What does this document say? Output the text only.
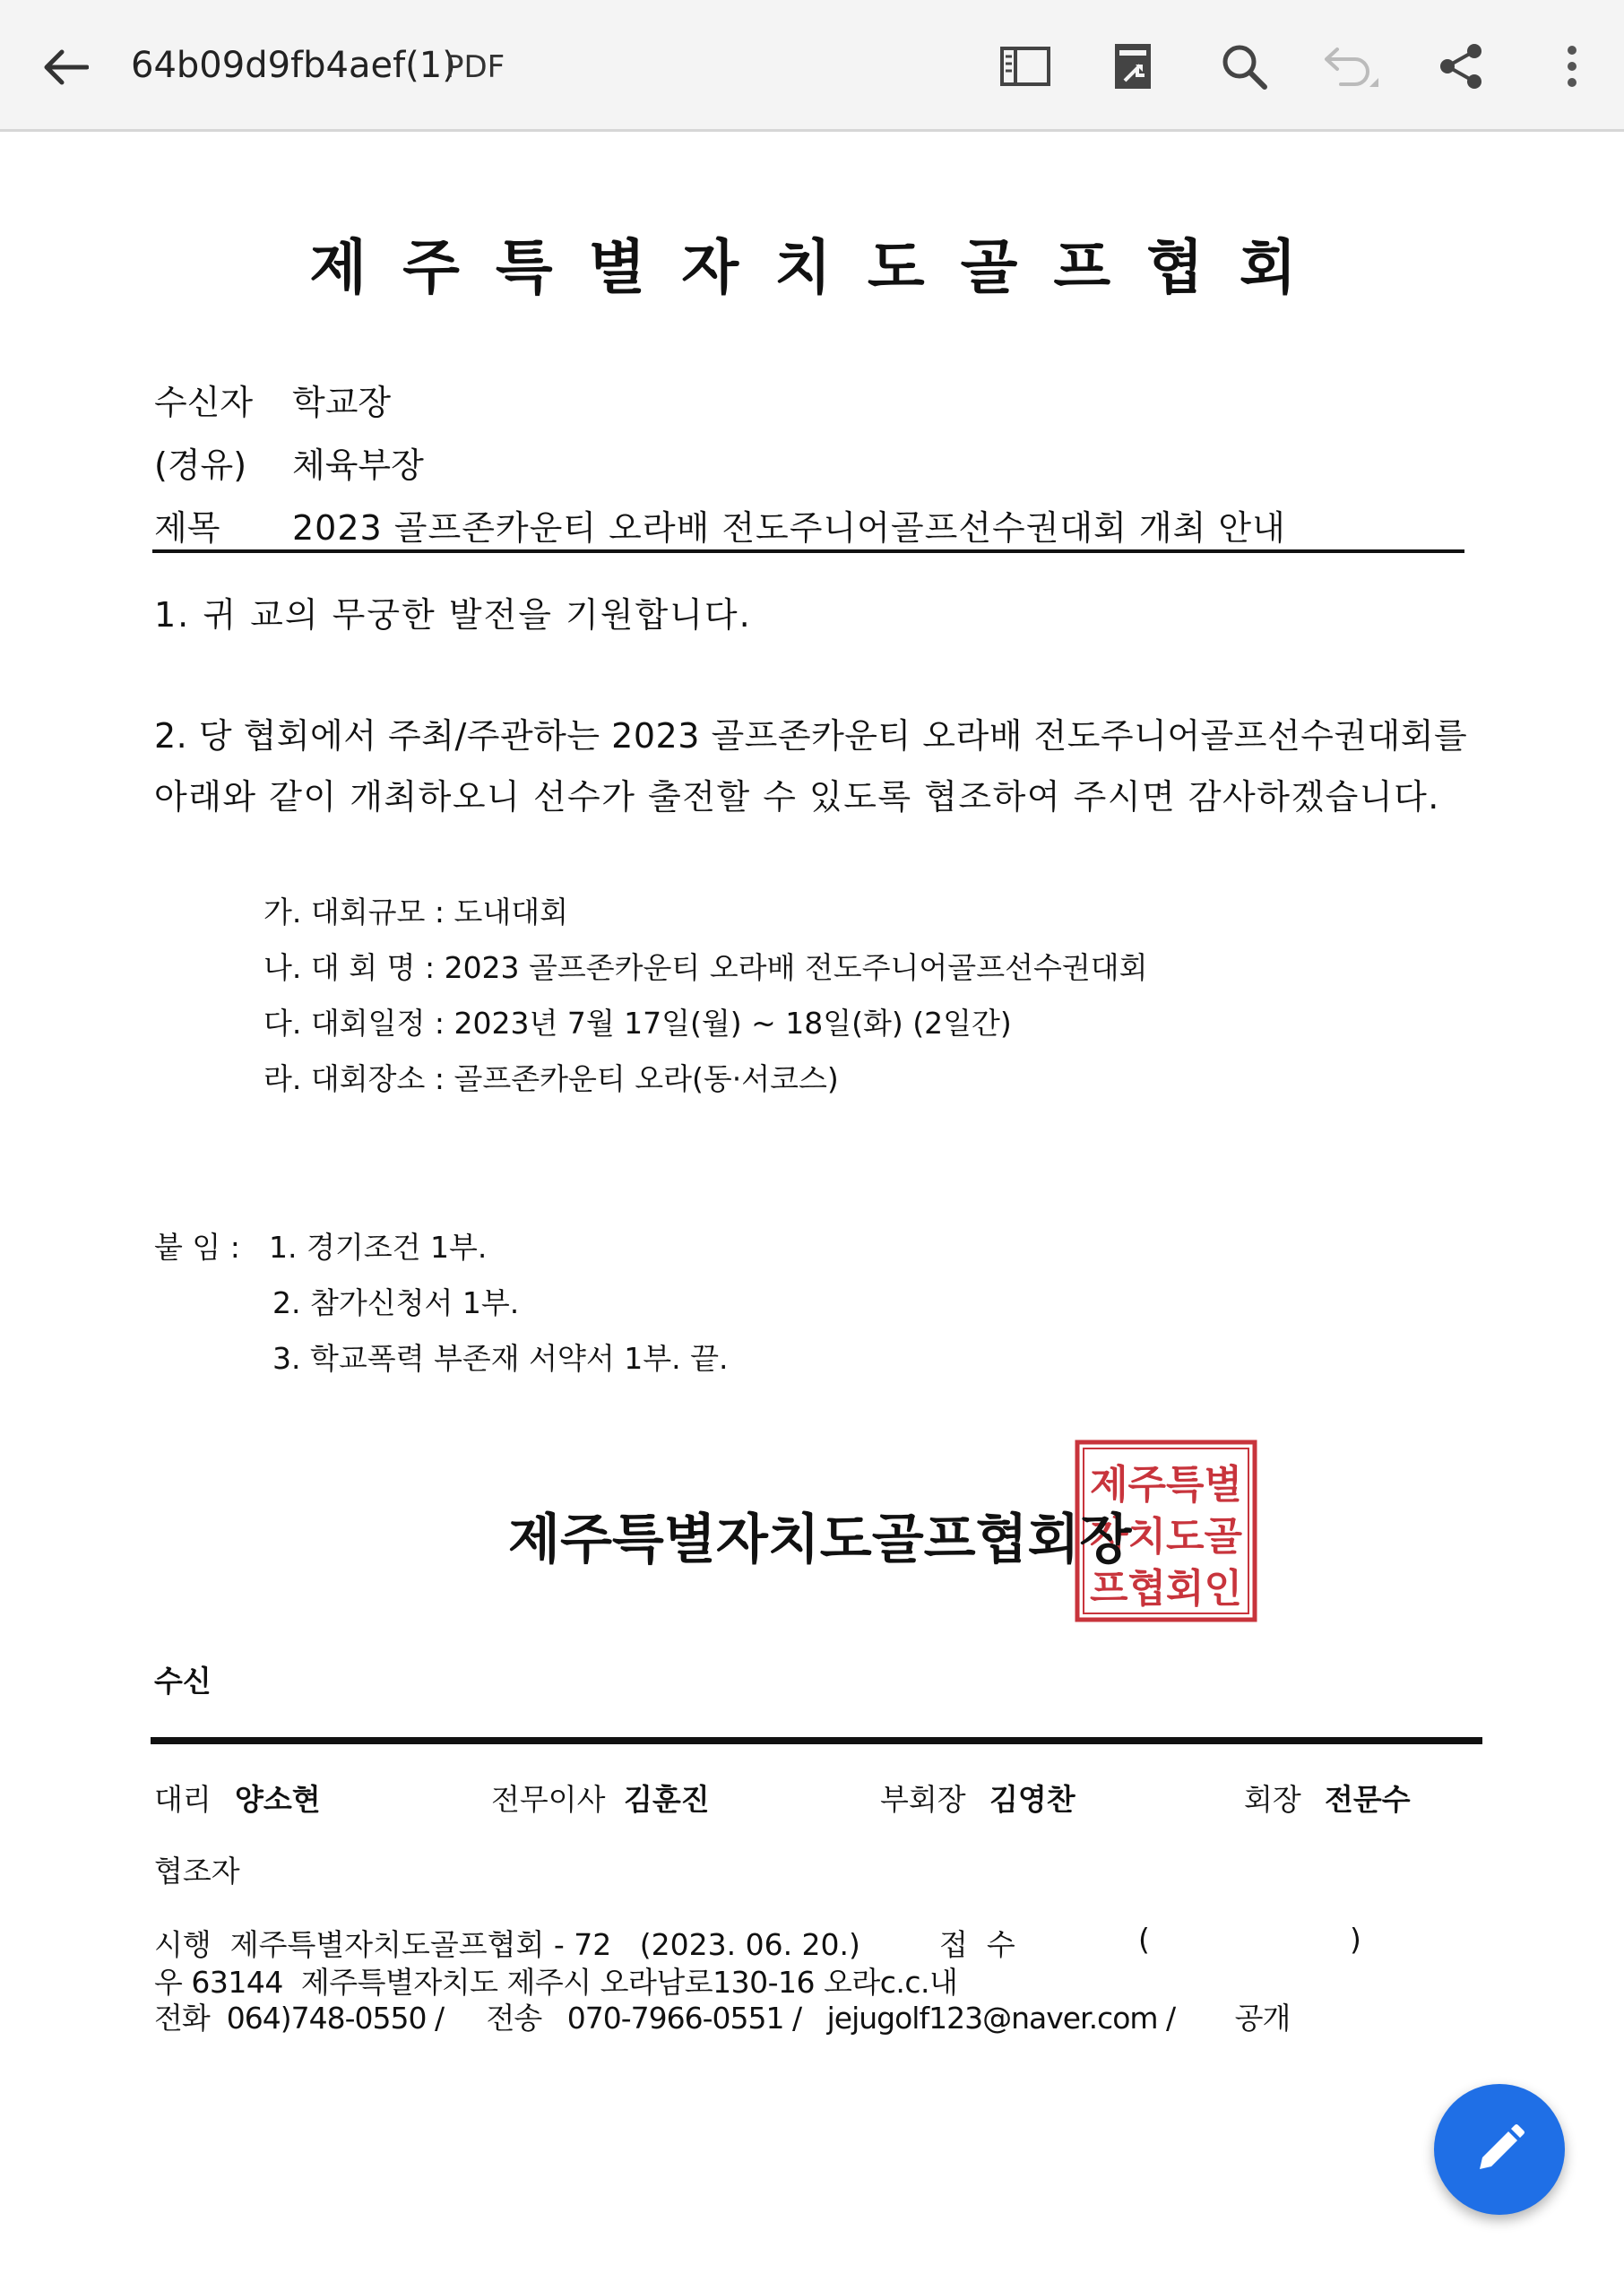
64b09d9fb4aef(1)
PDF
제주특별자치도골프협회
수신자 학교장
(경유) 체육부장
제목 2023 골프존카운티 오라배 전도주니어골프선수권대회 개최 안내
1. 귀 교의 무궁한 발전을 기원합니다.
2. 당 협회에서 주최/주관하는 2023 골프존카운티 오라배 전도주니어골프선수권대회를
아래와 같이 개최하오니 선수가 출전할 수 있도록 협조하여 주시면 감사하겠습니다.
가. 대회규모 : 도내대회
나. 대 회 명 : 2023 골프존카운티 오라배 전도주니어골프선수권대회
다. 대회일정 : 2023년 7월 17일(월) ~ 18일(화) (2일간)
라. 대회장소 : 골프존카운티 오라(동·서코스)
붙 임 : 1. 경기조건 1부.
2. 참가신청서 1부.
3. 학교폭력 부존재 서약서 1부. 끝.
제주특별
자치도골
프협회인
제주특별자치도골프협회장
수신
대리 양소현	전무이사 김훈진	부회장 김영찬	회장 전문수
협조자
시행  제주특별자치도골프협회 - 72   (2023. 06. 20.)	접  수	(	)
우 63144  제주특별자치도 제주시 오라남로130-16 오라c.c.내
전화  064)748-0550 /     전송   070-7966-0551 /   jejugolf123@naver.com /       공개
